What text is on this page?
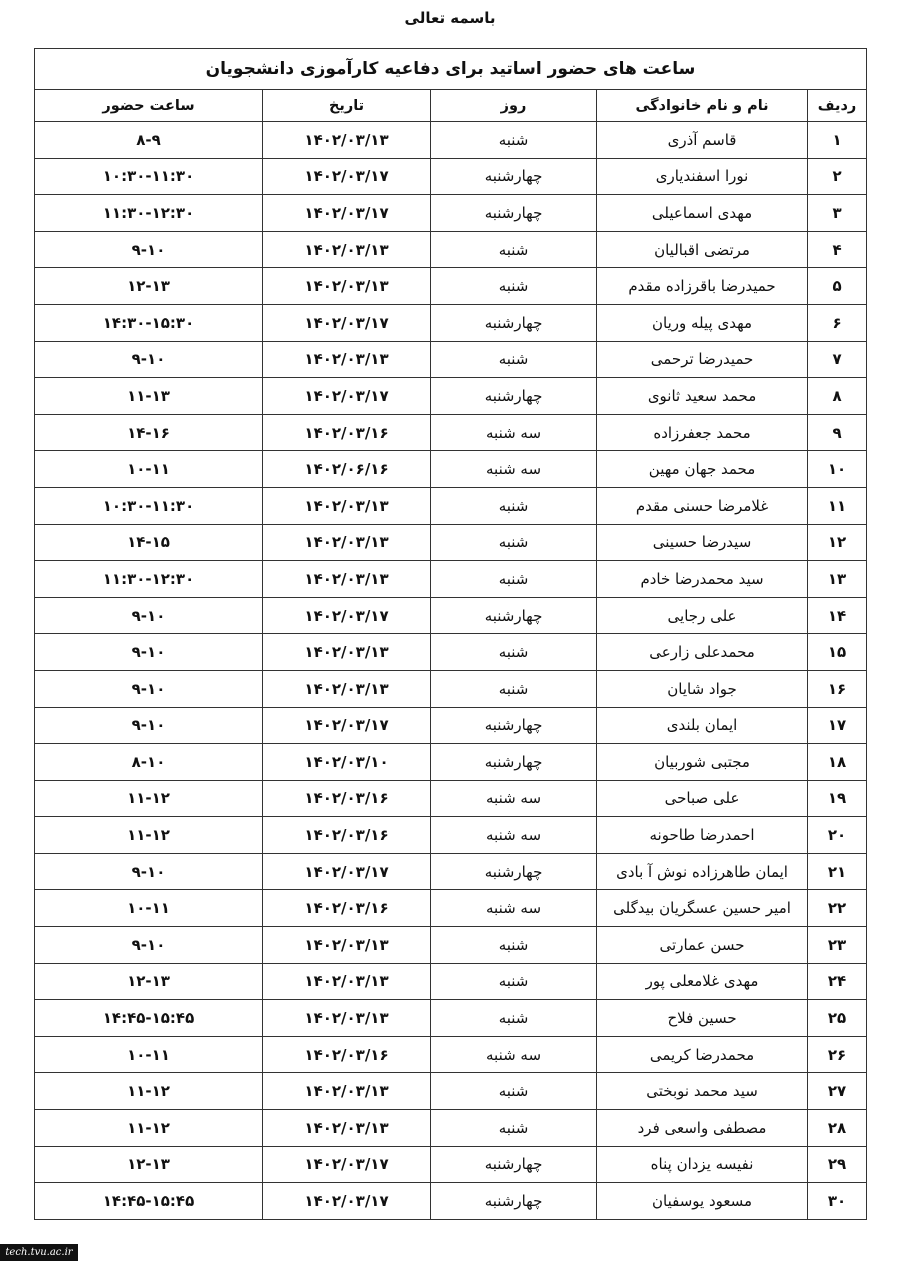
باسمه تعالی
ساعت های حضور اساتید برای دفاعیه کارآموزی دانشجویان				
ردیف	نام و نام خانوادگی	روز	تاریخ	ساعت حضور
۱	قاسم آذری	شنبه	۱۴۰۲/۰۳/۱۳	۸-۹
۲	نورا اسفندیاری	چهارشنبه	۱۴۰۲/۰۳/۱۷	۱۰:۳۰-۱۱:۳۰
۳	مهدی اسماعیلی	چهارشنبه	۱۴۰۲/۰۳/۱۷	۱۱:۳۰-۱۲:۳۰
۴	مرتضی اقبالیان	شنبه	۱۴۰۲/۰۳/۱۳	۹-۱۰
۵	حمیدرضا باقرزاده مقدم	شنبه	۱۴۰۲/۰۳/۱۳	۱۲-۱۳
۶	مهدی پیله وریان	چهارشنبه	۱۴۰۲/۰۳/۱۷	۱۴:۳۰-۱۵:۳۰
۷	حمیدرضا ترحمی	شنبه	۱۴۰۲/۰۳/۱۳	۹-۱۰
۸	محمد سعید ثانوی	چهارشنبه	۱۴۰۲/۰۳/۱۷	۱۱-۱۳
۹	محمد جعفرزاده	سه شنبه	۱۴۰۲/۰۳/۱۶	۱۴-۱۶
۱۰	محمد جهان مهین	سه شنبه	۱۴۰۲/۰۶/۱۶	۱۰-۱۱
۱۱	غلامرضا حسنی مقدم	شنبه	۱۴۰۲/۰۳/۱۳	۱۰:۳۰-۱۱:۳۰
۱۲	سیدرضا حسینی	شنبه	۱۴۰۲/۰۳/۱۳	۱۴-۱۵
۱۳	سید محمدرضا خادم	شنبه	۱۴۰۲/۰۳/۱۳	۱۱:۳۰-۱۲:۳۰
۱۴	علی رجایی	چهارشنبه	۱۴۰۲/۰۳/۱۷	۹-۱۰
۱۵	محمدعلی زارعی	شنبه	۱۴۰۲/۰۳/۱۳	۹-۱۰
۱۶	جواد شایان	شنبه	۱۴۰۲/۰۳/۱۳	۹-۱۰
۱۷	ایمان بلندی	چهارشنبه	۱۴۰۲/۰۳/۱۷	۹-۱۰
۱۸	مجتبی شوربیان	چهارشنبه	۱۴۰۲/۰۳/۱۰	۸-۱۰
۱۹	علی صباحی	سه شنبه	۱۴۰۲/۰۳/۱۶	۱۱-۱۲
۲۰	احمدرضا طاحونه	سه شنبه	۱۴۰۲/۰۳/۱۶	۱۱-۱۲
۲۱	ایمان طاهرزاده نوش آ بادی	چهارشنبه	۱۴۰۲/۰۳/۱۷	۹-۱۰
۲۲	امیر حسین عسگریان بیدگلی	سه شنبه	۱۴۰۲/۰۳/۱۶	۱۰-۱۱
۲۳	حسن عمارتی	شنبه	۱۴۰۲/۰۳/۱۳	۹-۱۰
۲۴	مهدی غلامعلی پور	شنبه	۱۴۰۲/۰۳/۱۳	۱۲-۱۳
۲۵	حسین فلاح	شنبه	۱۴۰۲/۰۳/۱۳	۱۴:۴۵-۱۵:۴۵
۲۶	محمدرضا کریمی	سه شنبه	۱۴۰۲/۰۳/۱۶	۱۰-۱۱
۲۷	سید محمد نوبختی	شنبه	۱۴۰۲/۰۳/۱۳	۱۱-۱۲
۲۸	مصطفی واسعی فرد	شنبه	۱۴۰۲/۰۳/۱۳	۱۱-۱۲
۲۹	نفیسه یزدان پناه	چهارشنبه	۱۴۰۲/۰۳/۱۷	۱۲-۱۳
۳۰	مسعود یوسفیان	چهارشنبه	۱۴۰۲/۰۳/۱۷	۱۴:۴۵-۱۵:۴۵
tech.tvu.ac.ir
